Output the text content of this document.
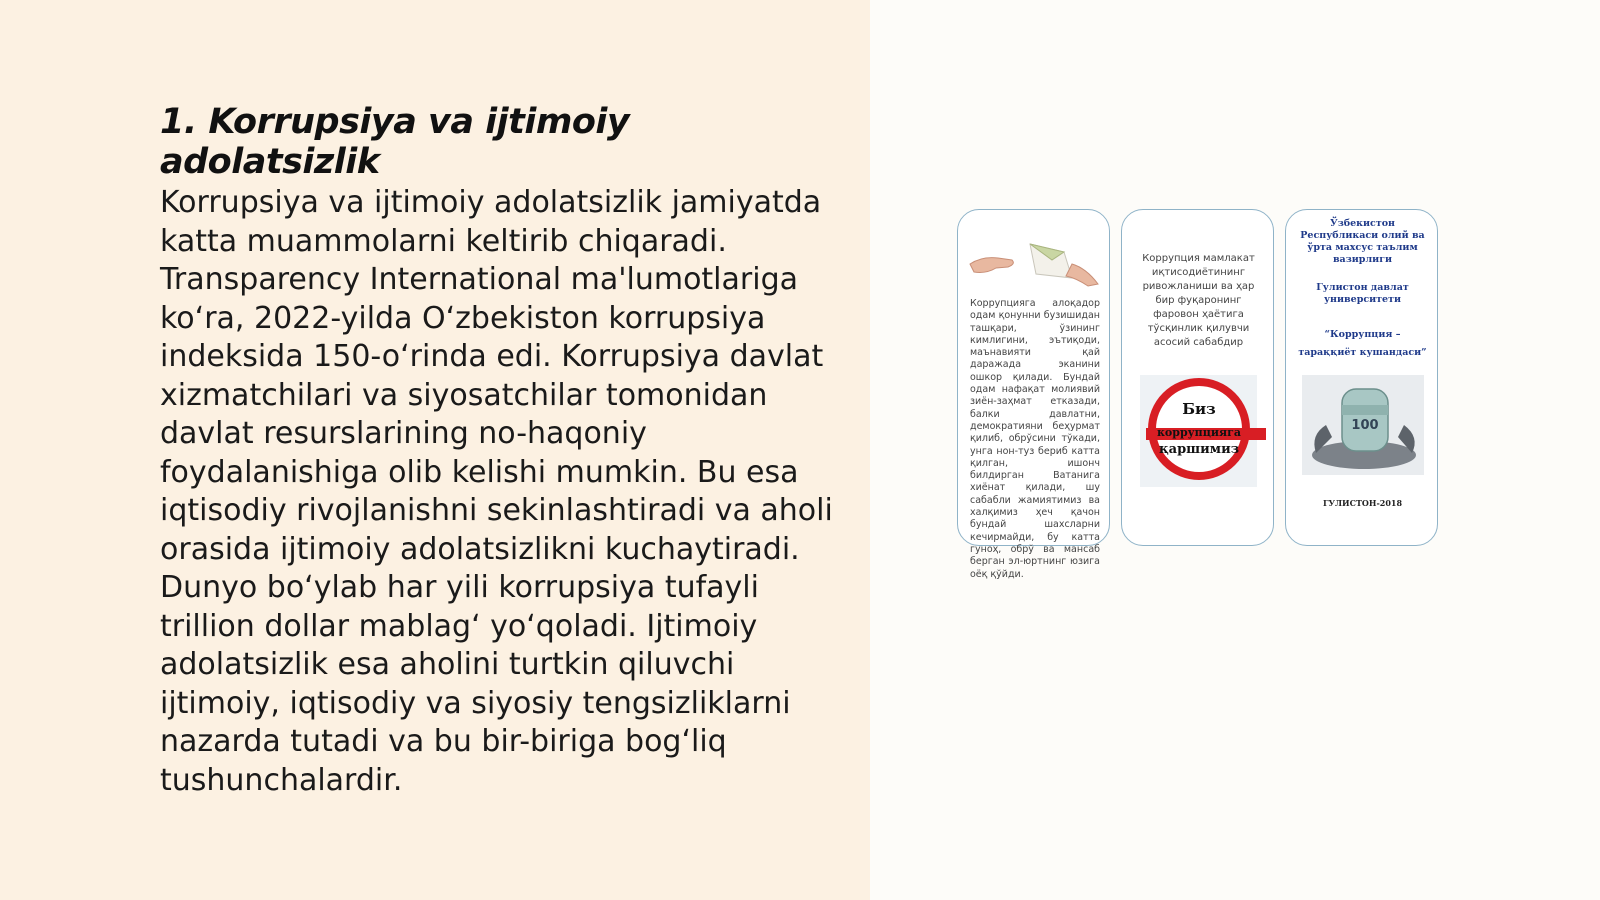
1. Korrupsiya va ijtimoiy adolatsizlik
Korrupsiya va ijtimoiy adolatsizlik jamiyatda
katta muammolarni keltirib chiqaradi.
Transparency International ma'lumotlariga
ko‘ra, 2022-yilda O‘zbekiston korrupsiya
indeksida 150-o‘rinda edi. Korrupsiya davlat
xizmatchilari va siyosatchilar tomonidan
davlat resurslarining no-haqoniy
foydalanishiga olib kelishi mumkin. Bu esa
iqtisodiy rivojlanishni sekinlashtiradi va aholi
orasida ijtimoiy adolatsizlikni kuchaytiradi.
Dunyo bo‘ylab har yili korrupsiya tufayli
trillion dollar mablag‘ yo‘qoladi. Ijtimoiy
adolatsizlik esa aholini turtkin qiluvchi
ijtimoiy, iqtisodiy va siyosiy tengsizliklarni
nazarda tutadi va bu bir-biriga bog‘liq
tushunchalardir.
Коррупцияга алоқадор одам қонунни бузишидан ташқари, ўзининг кимлигини, эътиқоди, маънавияти қай даражада эканини ошкор қилади. Бундай одам нафақат молиявий зиён-заҳмат етказади, балки давлатни, демократияни беҳурмат қилиб, обрўсини тўкади, унга нон-туз бериб катта қилган, ишонч билдирган Ватанига хиёнат қилади, шу сабабли жамиятимиз ва халқимиз ҳеч қачон бундай шахсларни кечирмайди, бу катта гуноҳ, обрў ва мансаб берган эл-юртнинг юзига оёқ қўйди.
Коррупция мамлакат иқтисодиётининг ривожланиши ва ҳар бир фуқаронинг фаровон ҳаётига тўсқинлик қилувчи асосий сабабдир
Биз
коррупцияга
қаршимиз
Ўзбекистон Республикаси олий ва ўрта махсус таълим вазирлиги
Гулистон давлат университети
“Коррупция – тараққиёт кушандаси”
100
ГУЛИСТОН-2018
